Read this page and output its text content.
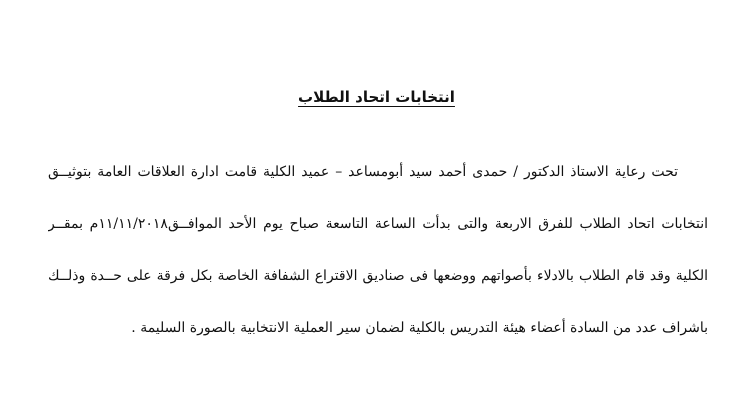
انتخابات اتحاد الطلاب
تحت رعاية الاستاذ الدكتور / حمدى أحمد سيد أبومساعد – عميد الكلية قامت ادارة العلاقات العامة بتوثيــق
انتخابات اتحاد الطلاب للفرق الاربعة والتى بدأت الساعة التاسعة صباح يوم الأحد الموافــق١١/١١/٢٠١٨م بمقــر
الكلية وقد قام الطلاب بالادلاء بأصواتهم ووضعها فى صناديق الاقتراع الشفافة الخاصة بكل فرقة على حــدة وذلــك
باشراف عدد من السادة أعضاء هيئة التدريس بالكلية لضمان سير العملية الانتخابية بالصورة السليمة .
